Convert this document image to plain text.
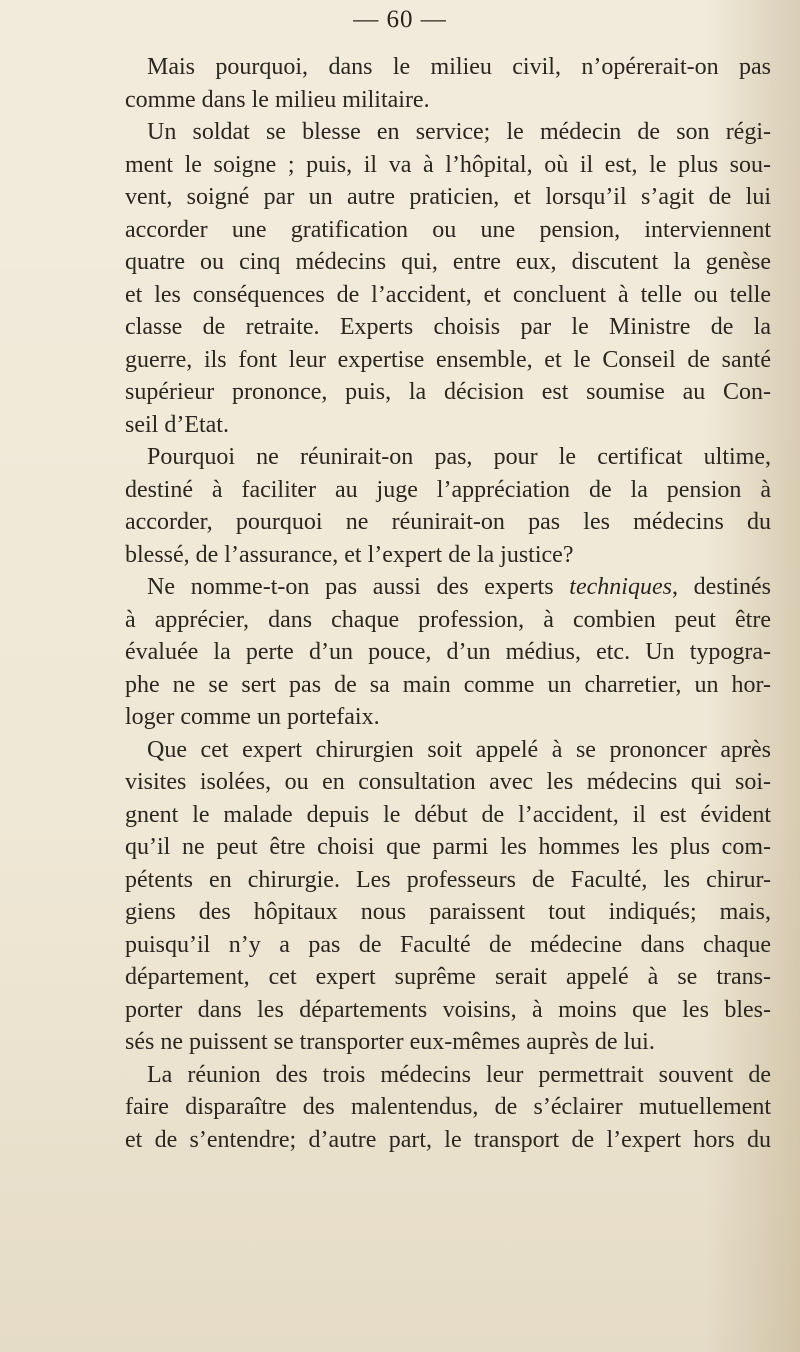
— 60 —
Mais pourquoi, dans le milieu civil, n’opérerait-on pas
comme dans le milieu militaire.
Un soldat se blesse en service; le médecin de son régi-
ment le soigne ; puis, il va à l’hôpital, où il est, le plus sou-
vent, soigné par un autre praticien, et lorsqu’il s’agit de lui
accorder une gratification ou une pension, interviennent
quatre ou cinq médecins qui, entre eux, discutent la genèse
et les conséquences de l’accident, et concluent à telle ou telle
classe de retraite. Experts choisis par le Ministre de la
guerre, ils font leur expertise ensemble, et le Conseil de santé
supérieur prononce, puis, la décision est soumise au Con-
seil d’Etat.
Pourquoi ne réunirait-on pas, pour le certificat ultime,
destiné à faciliter au juge l’appréciation de la pension à
accorder, pourquoi ne réunirait-on pas les médecins du
blessé, de l’assurance, et l’expert de la justice?
Ne nomme-t-on pas aussi des experts techniques, destinés
à apprécier, dans chaque profession, à combien peut être
évaluée la perte d’un pouce, d’un médius, etc. Un typogra-
phe ne se sert pas de sa main comme un charretier, un hor-
loger comme un portefaix.
Que cet expert chirurgien soit appelé à se prononcer après
visites isolées, ou en consultation avec les médecins qui soi-
gnent le malade depuis le début de l’accident, il est évident
qu’il ne peut être choisi que parmi les hommes les plus com-
pétents en chirurgie. Les professeurs de Faculté, les chirur-
giens des hôpitaux nous paraissent tout indiqués; mais,
puisqu’il n’y a pas de Faculté de médecine dans chaque
département, cet expert suprême serait appelé à se trans-
porter dans les départements voisins, à moins que les bles-
sés ne puissent se transporter eux-mêmes auprès de lui.
La réunion des trois médecins leur permettrait souvent de
faire disparaître des malentendus, de s’éclairer mutuellement
et de s’entendre; d’autre part, le transport de l’expert hors du
